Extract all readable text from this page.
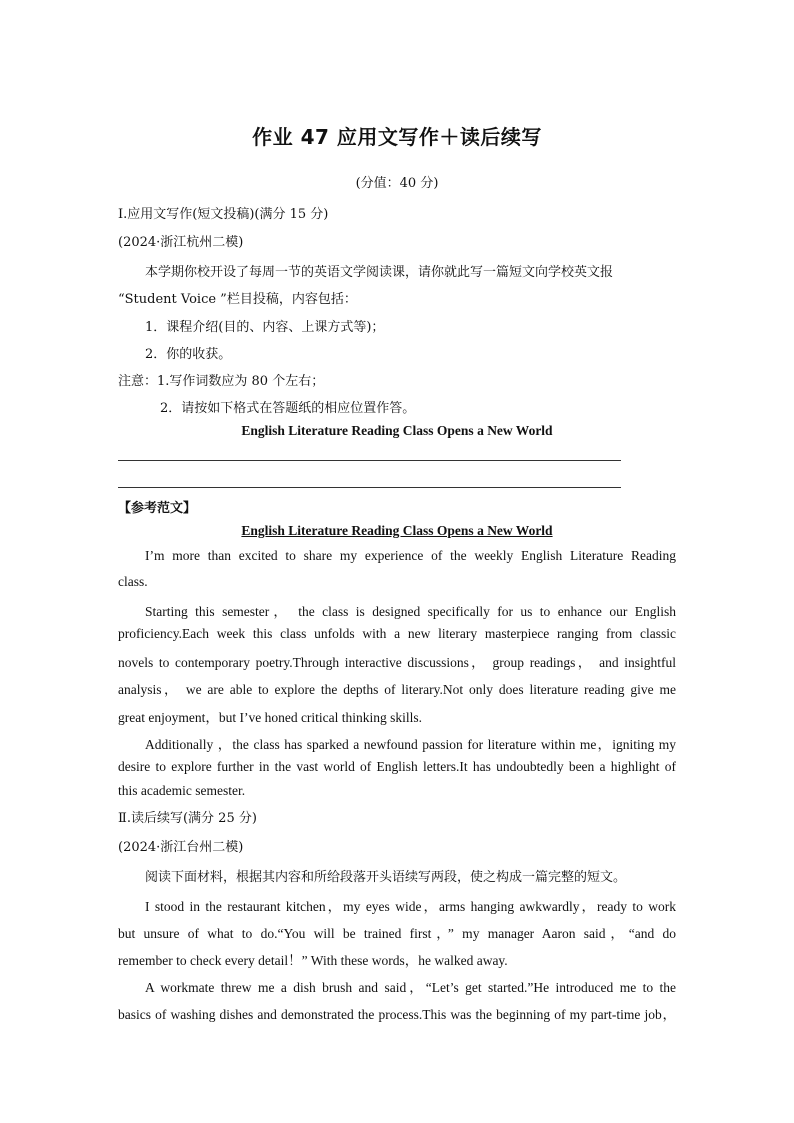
作业 47 应用文写作＋读后续写
(分值：40 分)
Ⅰ.应用文写作(短文投稿)(满分 15 分)
(2024·浙江杭州二模)
本学期你校开设了每周一节的英语文学阅读课，请你就此写一篇短文向学校英文报
“Student Voice ”栏目投稿，内容包括：
1．课程介绍(目的、内容、上课方式等)；
2．你的收获。
注意：1.写作词数应为 80 个左右；
2．请按如下格式在答题纸的相应位置作答。
English Literature Reading Class Opens a New World
【参考范文】
English Literature Reading Class Opens a New World
I’m more than excited to share my experience of the weekly English Literature Reading
class.
Starting this semester， the class is designed specifically for us to enhance our English
proficiency.Each week this class unfolds with a new literary masterpiece ranging from classic
novels to contemporary poetry.Through interactive discussions， group readings， and insightful
analysis， we are able to explore the depths of literary.Not only does literature reading give me
great enjoyment，but I’ve honed critical thinking skills.
Additionally ，the class has sparked a newfound passion for literature within me，igniting my
desire to explore further in the vast world of English letters.It has undoubtedly been a highlight of
this academic semester.
Ⅱ.读后续写(满分 25 分)
(2024·浙江台州二模)
阅读下面材料，根据其内容和所给段落开头语续写两段，使之构成一篇完整的短文。
I stood in the restaurant kitchen，my eyes wide，arms hanging awkwardly，ready to work
but unsure of what to do.“You will be trained first，” my manager Aaron said，“and do
remember to check every detail！” With these words，he walked away.
A workmate threw me a dish brush and said，“Let’s get started.”He introduced me to the
basics of washing dishes and demonstrated the process.This was the beginning of my part-time job，
